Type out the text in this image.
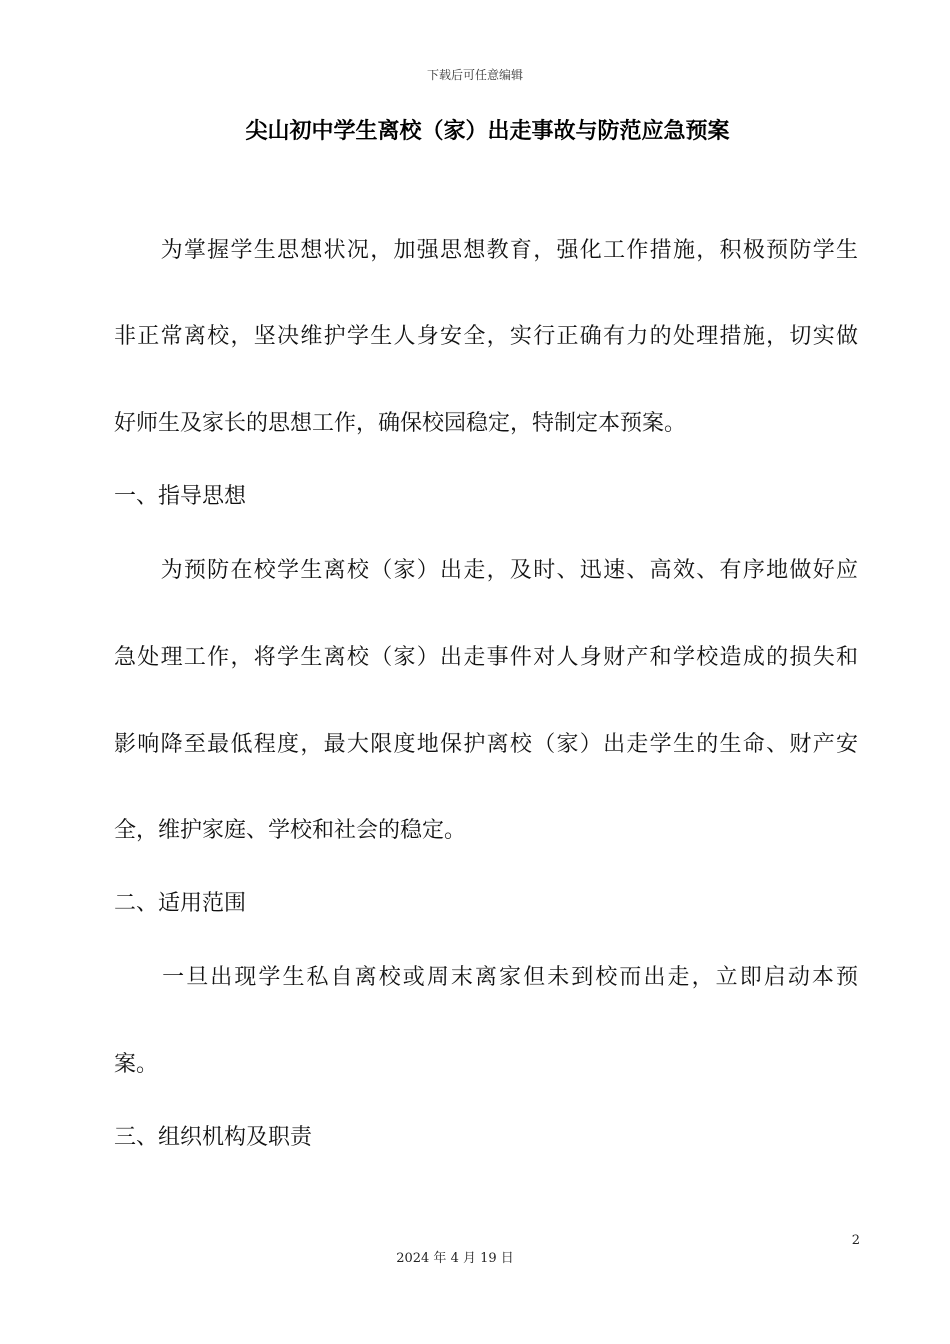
下载后可任意编辑
尖山初中学生离校（家）出走事故与防范应急预案
　　为掌握学生思想状况，加强思想教育，强化工作措施，积极预防学生
非正常离校，坚决维护学生人身安全，实行正确有力的处理措施，切实做
好师生及家长的思想工作，确保校园稳定，特制定本预案。
一、指导思想
　　为预防在校学生离校（家）出走，及时、迅速、高效、有序地做好应
急处理工作，将学生离校（家）出走事件对人身财产和学校造成的损失和
影响降至最低程度，最大限度地保护离校（家）出走学生的生命、财产安
全，维护家庭、学校和社会的稳定。
二、适用范围
　　一旦出现学生私自离校或周末离家但未到校而出走，立即启动本预
案。
三、组织机构及职责
2
2024 年 4 月 19 日
